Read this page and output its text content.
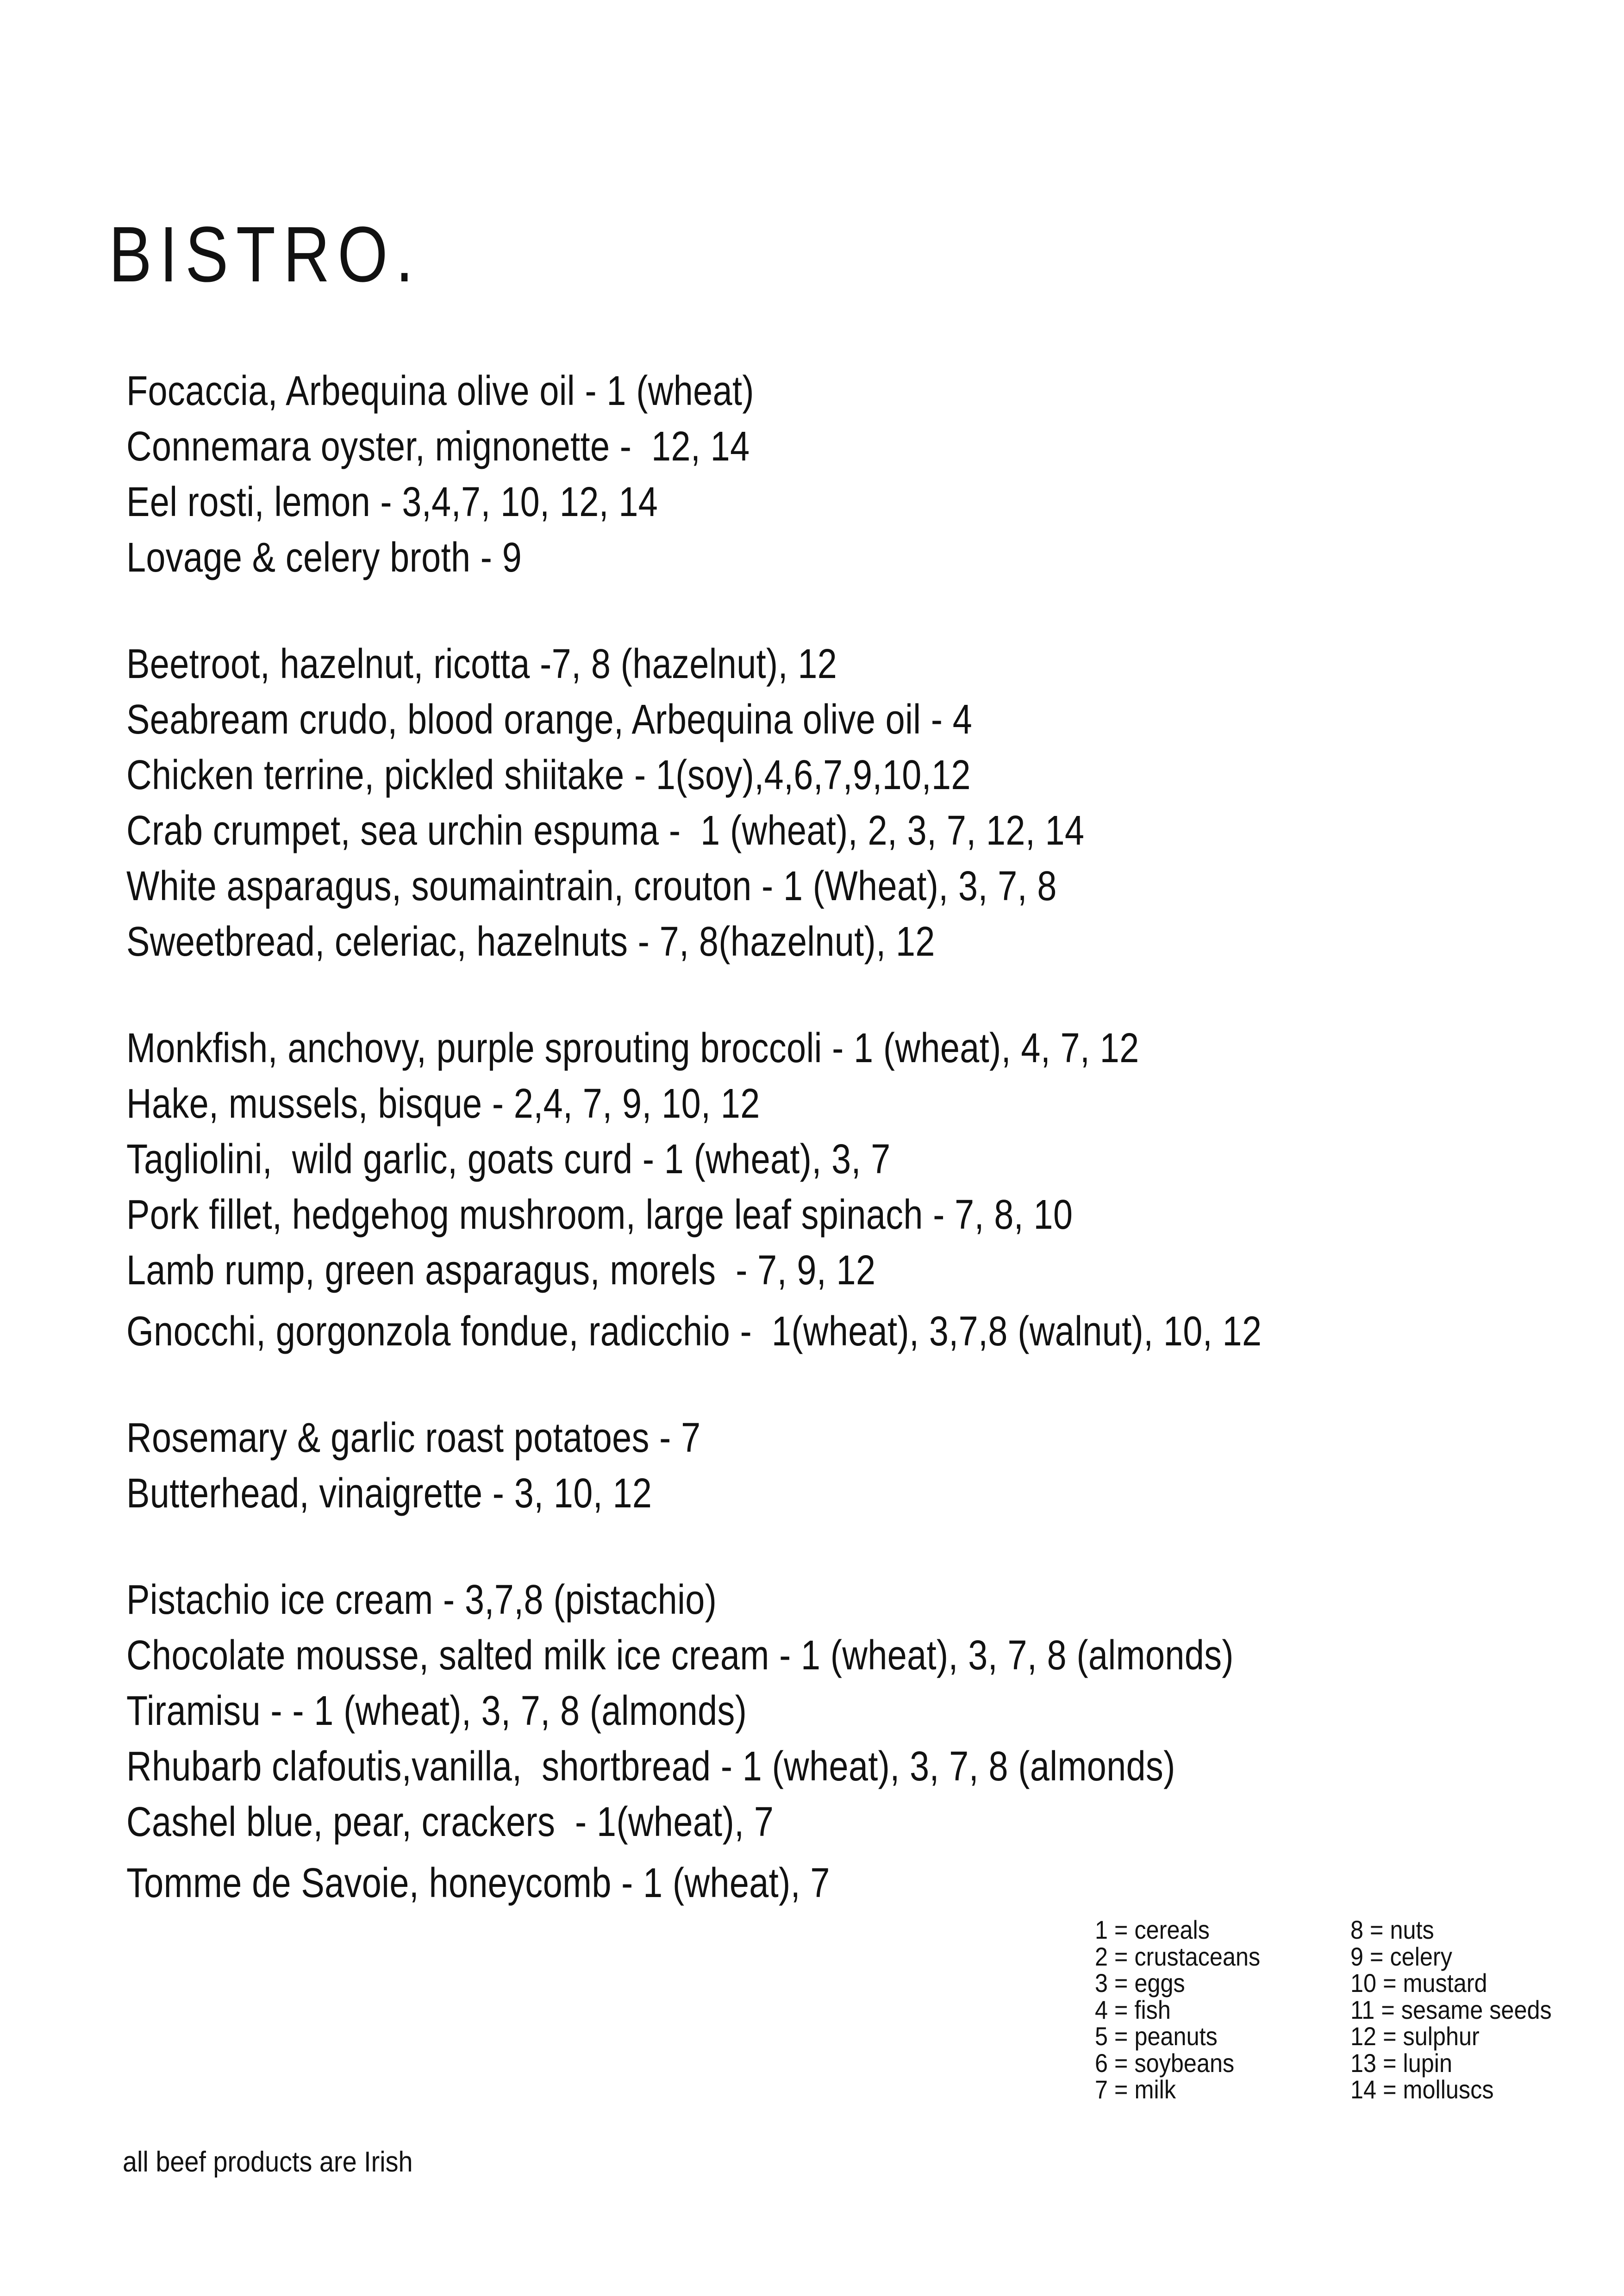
BISTRO.
Focaccia, Arbequina olive oil - 1 (wheat)
Connemara oyster, mignonette -  12, 14
Eel rosti, lemon - 3,4,7, 10, 12, 14
Lovage & celery broth - 9
Beetroot, hazelnut, ricotta -7, 8 (hazelnut), 12
Seabream crudo, blood orange, Arbequina olive oil - 4
Chicken terrine, pickled shiitake - 1(soy),4,6,7,9,10,12
Crab crumpet, sea urchin espuma -  1 (wheat), 2, 3, 7, 12, 14
White asparagus, soumaintrain, crouton - 1 (Wheat), 3, 7, 8
Sweetbread, celeriac, hazelnuts - 7, 8(hazelnut), 12
Monkfish, anchovy, purple sprouting broccoli - 1 (wheat), 4, 7, 12
Hake, mussels, bisque - 2,4, 7, 9, 10, 12
Tagliolini,  wild garlic, goats curd - 1 (wheat), 3, 7
Pork fillet, hedgehog mushroom, large leaf spinach - 7, 8, 10
Lamb rump, green asparagus, morels  - 7, 9, 12
Gnocchi, gorgonzola fondue, radicchio -  1(wheat), 3,7,8 (walnut), 10, 12
Rosemary & garlic roast potatoes - 7
Butterhead, vinaigrette - 3, 10, 12
Pistachio ice cream - 3,7,8 (pistachio)
Chocolate mousse, salted milk ice cream - 1 (wheat), 3, 7, 8 (almonds)
Tiramisu - - 1 (wheat), 3, 7, 8 (almonds)
Rhubarb clafoutis,vanilla,  shortbread - 1 (wheat), 3, 7, 8 (almonds)
Cashel blue, pear, crackers  - 1(wheat), 7
Tomme de Savoie, honeycomb - 1 (wheat), 7
1 = cereals
2 = crustaceans
3 = eggs
4 = fish
5 = peanuts
6 = soybeans
7 = milk
8 = nuts
9 = celery
10 = mustard
11 = sesame seeds
12 = sulphur
13 = lupin
14 = molluscs
all beef products are Irish
